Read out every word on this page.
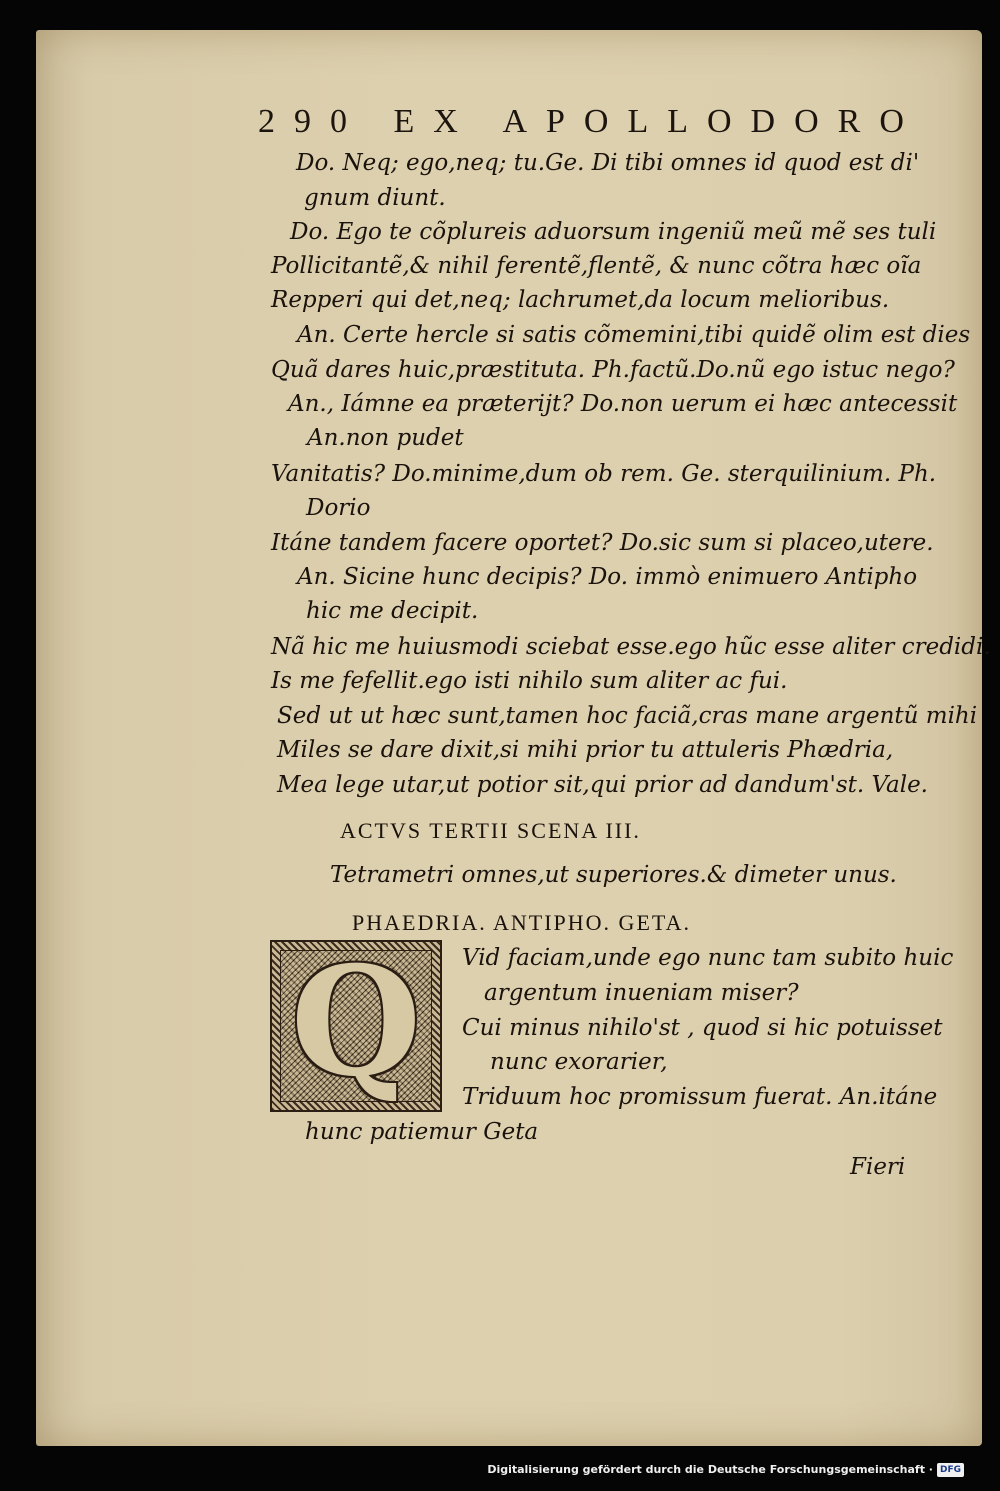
290 EX APOLLODORO
Do. Neq; ego,neq; tu.Ge. Di tibi omnes id quod est di'
gnum diunt.
Do. Ego te cõplureis aduorsum ingeniũ meũ mẽ ses tuli
Pollicitantẽ,& nihil ferentẽ,flentẽ, & nunc cõtra hæc oĩa
Repperi qui det,neq; lachrumet,da locum melioribus.
An. Certe hercle si satis cõmemini,tibi quidẽ olim est dies
Quã dares huic,præstituta. Ph.factũ.Do.nũ ego istuc nego?
An., Iámne ea præterijt? Do.non uerum ei hæc antecessit
An.non pudet
Vanitatis? Do.minime,dum ob rem. Ge. sterquilinium. Ph.
Dorio
Itáne tandem facere oportet? Do.sic sum si placeo,utere.
An. Sicine hunc decipis? Do. immò enimuero Antipho
hic me decipit.
Nã hic me huiusmodi sciebat esse.ego hũc esse aliter credidi.
Is me fefellit.ego isti nihilo sum aliter ac fui.
Sed ut ut hæc sunt,tamen hoc faciã,cras mane argentũ mihi
Miles se dare dixit,si mihi prior tu attuleris Phædria,
Mea lege utar,ut potior sit,qui prior ad dandum'st. Vale.
ACTVS TERTII SCENA III.
Tetrametri omnes,ut superiores.& dimeter unus.
PHAEDRIA. ANTIPHO. GETA.
Q	Vid faciam,unde ego nunc tam subito huic
argentum inueniam miser?
Cui minus nihilo'st , quod si hic potuisset
nunc exorarier,
Triduum hoc promissum fuerat. An.itáne
hunc patiemur Geta
Fieri
Digitalisierung gefördert durch die Deutsche Forschungsgemeinschaft · DFG
